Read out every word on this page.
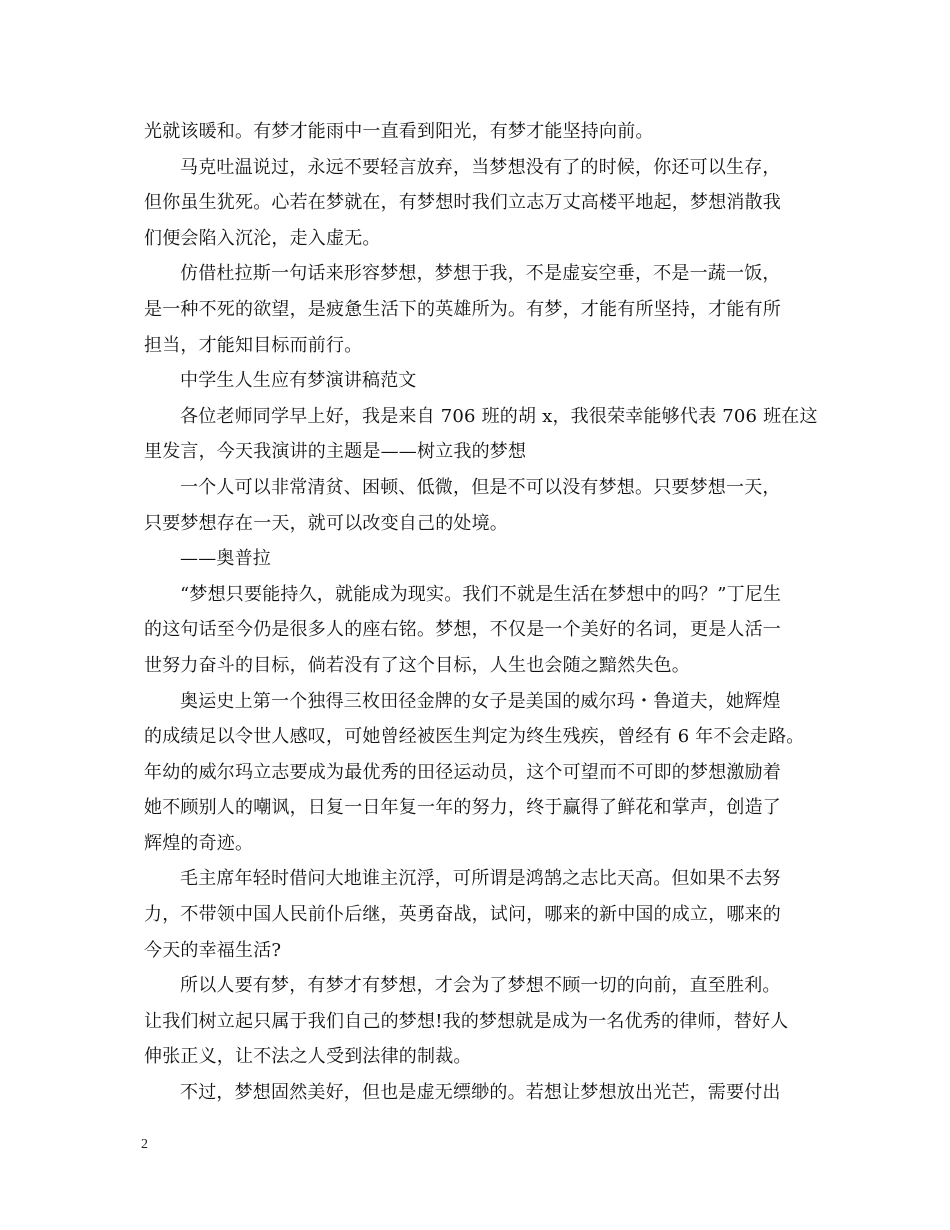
光就该暖和。有梦才能雨中一直看到阳光，有梦才能坚持向前。
马克吐温说过，永远不要轻言放弃，当梦想没有了的时候，你还可以生存，
但你虽生犹死。心若在梦就在，有梦想时我们立志万丈高楼平地起，梦想消散我
们便会陷入沉沦，走入虚无。
仿借杜拉斯一句话来形容梦想，梦想于我，不是虚妄空垂，不是一蔬一饭，
是一种不死的欲望，是疲惫生活下的英雄所为。有梦，才能有所坚持，才能有所
担当，才能知目标而前行。
中学生人生应有梦演讲稿范文
各位老师同学早上好，我是来自 706 班的胡 x，我很荣幸能够代表 706 班在这
里发言，今天我演讲的主题是——树立我的梦想
一个人可以非常清贫、困顿、低微，但是不可以没有梦想。只要梦想一天，
只要梦想存在一天，就可以改变自己的处境。
——奥普拉
“梦想只要能持久，就能成为现实。我们不就是生活在梦想中的吗？”丁尼生
的这句话至今仍是很多人的座右铭。梦想，不仅是一个美好的名词，更是人活一
世努力奋斗的目标，倘若没有了这个目标，人生也会随之黯然失色。
奥运史上第一个独得三枚田径金牌的女子是美国的威尔玛・鲁道夫，她辉煌
的成绩足以令世人感叹，可她曾经被医生判定为终生残疾，曾经有 6 年不会走路。
年幼的威尔玛立志要成为最优秀的田径运动员，这个可望而不可即的梦想激励着
她不顾别人的嘲讽，日复一日年复一年的努力，终于赢得了鲜花和掌声，创造了
辉煌的奇迹。
毛主席年轻时借问大地谁主沉浮，可所谓是鸿鹄之志比天高。但如果不去努
力，不带领中国人民前仆后继，英勇奋战，试问，哪来的新中国的成立，哪来的
今天的幸福生活?
所以人要有梦，有梦才有梦想，才会为了梦想不顾一切的向前，直至胜利。
让我们树立起只属于我们自己的梦想!我的梦想就是成为一名优秀的律师，替好人
伸张正义，让不法之人受到法律的制裁。
不过，梦想固然美好，但也是虚无缥缈的。若想让梦想放出光芒，需要付出
2
